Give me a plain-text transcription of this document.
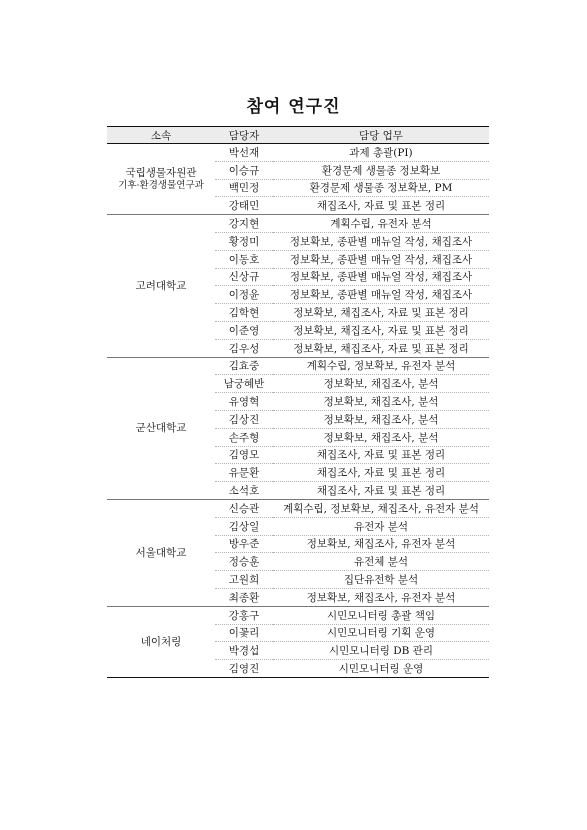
참여 연구진
소속	담당자	담당 업무

국립생물자원관
기후·환경생물연구과	박선재	과제 총괄(PI)
	이승규	환경문제 생물종 정보확보
	백민정	환경문제 생물종 정보확보, PM
	강태민	채집조사, 자료 및 표본 정리

고려대학교	강지현	계획수립, 유전자 분석
	황정미	정보확보, 종판별 매뉴얼 작성, 채집조사
	이동호	정보확보, 종판별 매뉴얼 작성, 채집조사
	신상규	정보확보, 종판별 매뉴얼 작성, 채집조사
	이정윤	정보확보, 종판별 매뉴얼 작성, 채집조사
	김학현	정보확보, 채집조사, 자료 및 표본 정리
	이준영	정보확보, 채집조사, 자료 및 표본 정리
	김우성	정보확보, 채집조사, 자료 및 표본 정리

군산대학교	김효중	계획수립, 정보확보, 유전자 분석
	남궁혜반	정보확보, 채집조사, 분석
	유영혁	정보확보, 채집조사, 분석
	김상진	정보확보, 채집조사, 분석
	손주형	정보확보, 채집조사, 분석
	김영모	채집조사, 자료 및 표본 정리
	유문환	채집조사, 자료 및 표본 정리
	소석호	채집조사, 자료 및 표본 정리

서울대학교	신승관	계획수립, 정보확보, 채집조사, 유전자 분석
	김상일	유전자 분석
	방우준	정보확보, 채집조사, 유전자 분석
	정승훈	유전체 분석
	고원희	집단유전학 분석
	최종환	정보확보, 채집조사, 유전자 분석

네이처링	강홍구	시민모니터링 총괄 책임
	이꽃리	시민모니터링 기획 운영
	박경섭	시민모니터링 DB 관리
	김영진	시민모니터링 운영
